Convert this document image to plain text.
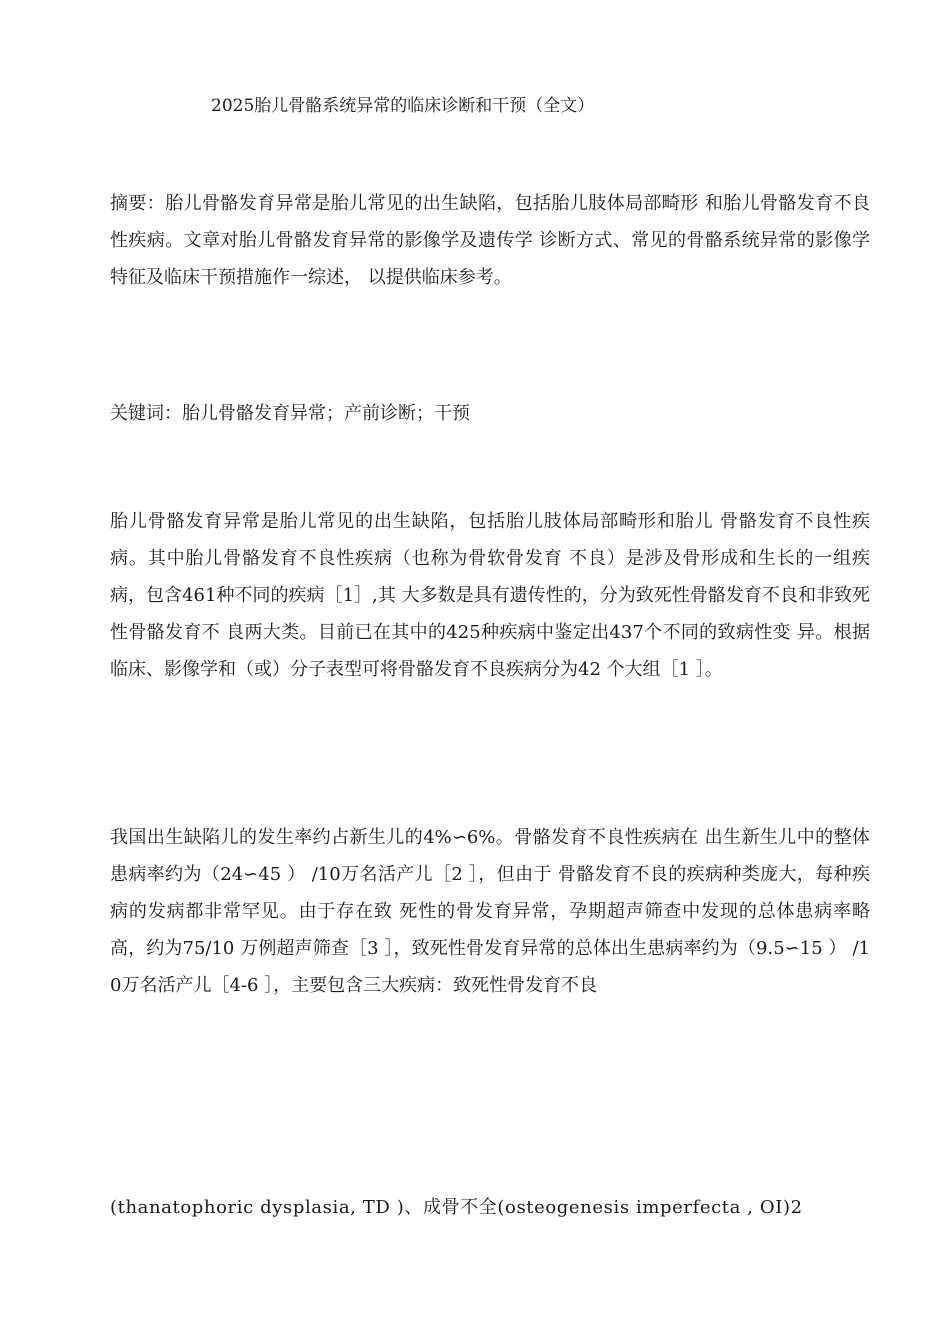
2025胎儿骨骼系统异常的临床诊断和干预（全文）

摘要：胎儿骨骼发育异常是胎儿常见的出生缺陷，包括胎儿肢体局部畸形 和胎儿骨骼发育不良性疾病。文章对胎儿骨骼发育异常的影像学及遗传学 诊断方式、常见的骨骼系统异常的影像学特征及临床干预措施作一综述， 以提供临床参考。

关键词：胎儿骨骼发育异常；产前诊断；干预

胎儿骨骼发育异常是胎儿常见的出生缺陷，包括胎儿肢体局部畸形和胎儿 骨骼发育不良性疾病。其中胎儿骨骼发育不良性疾病（也称为骨软骨发育 不良）是涉及骨形成和生长的一组疾病，包含461种不同的疾病［1］,其 大多数是具有遗传性的，分为致死性骨骼发育不良和非致死性骨骼发育不 良两大类。目前已在其中的425种疾病中鉴定出437个不同的致病性变 异。根据临床、影像学和（或）分子表型可将骨骼发育不良疾病分为42 个大组［1 ］。

我国出生缺陷儿的发生率约占新生儿的4%∽6%。骨骼发育不良性疾病在 出生新生儿中的整体患病率约为（24∽45 ） /10万名活产儿［2 ］，但由于 骨骼发育不良的疾病种类庞大，每种疾病的发病都非常罕见。由于存在致 死性的骨发育异常，孕期超声筛查中发现的总体患病率略高，约为75/10 万例超声筛查［3 ］，致死性骨发育异常的总体出生患病率约为（9.5∽15 ） /10万名活产儿［4-6 ］，主要包含三大疾病：致死性骨发育不良

(thanatophoric dysplasia, TD )、成骨不全(osteogenesis imperfecta , OI)2
